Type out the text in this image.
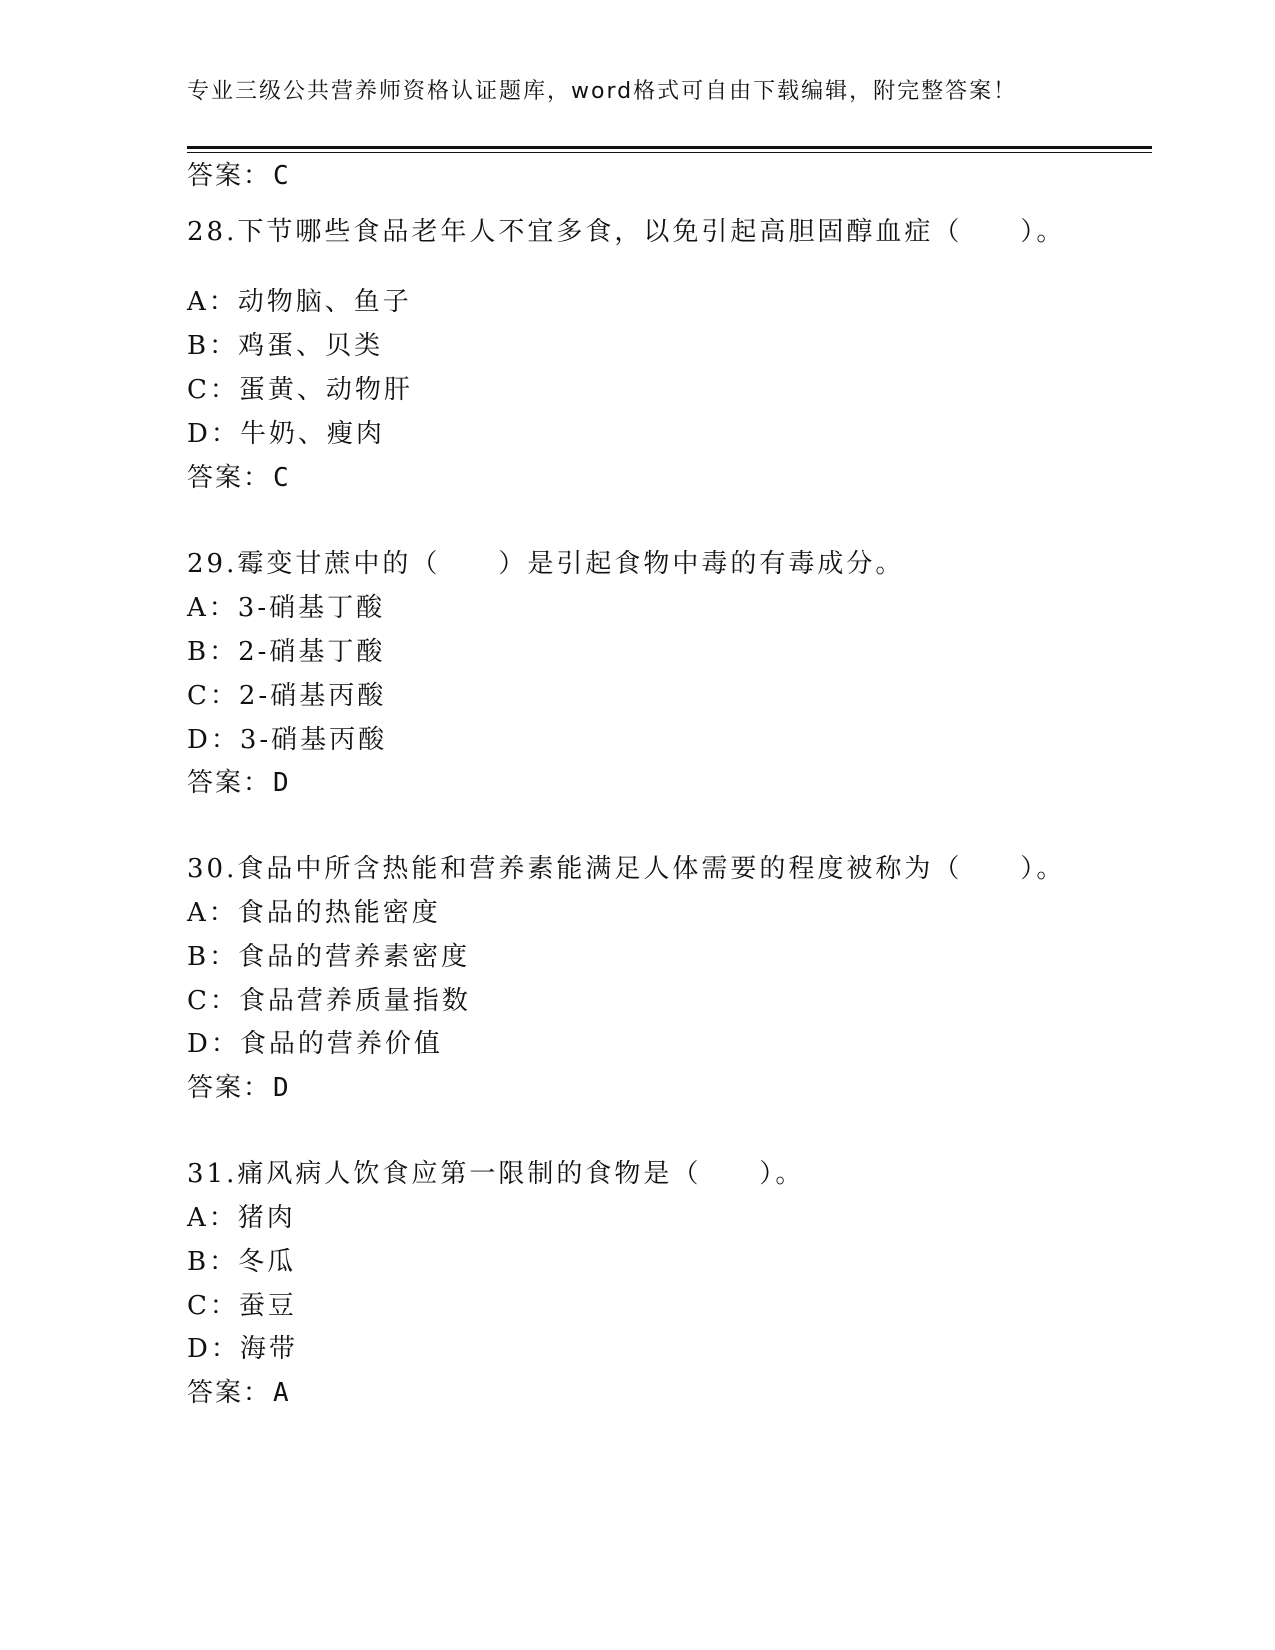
专业三级公共营养师资格认证题库，word格式可自由下载编辑，附完整答案！
答案：C
28.下节哪些食品老年人不宜多食，以免引起高胆固醇血症（　　）。
A：动物脑、鱼子
B：鸡蛋、贝类
C：蛋黄、动物肝
D：牛奶、瘦肉
答案：C
29.霉变甘蔗中的（　　）是引起食物中毒的有毒成分。
A：3-硝基丁酸
B：2-硝基丁酸
C：2-硝基丙酸
D：3-硝基丙酸
答案：D
30.食品中所含热能和营养素能满足人体需要的程度被称为（　　）。
A：食品的热能密度
B：食品的营养素密度
C：食品营养质量指数
D：食品的营养价值
答案：D
31.痛风病人饮食应第一限制的食物是（　　）。
A：猪肉
B：冬瓜
C：蚕豆
D：海带
答案：A
